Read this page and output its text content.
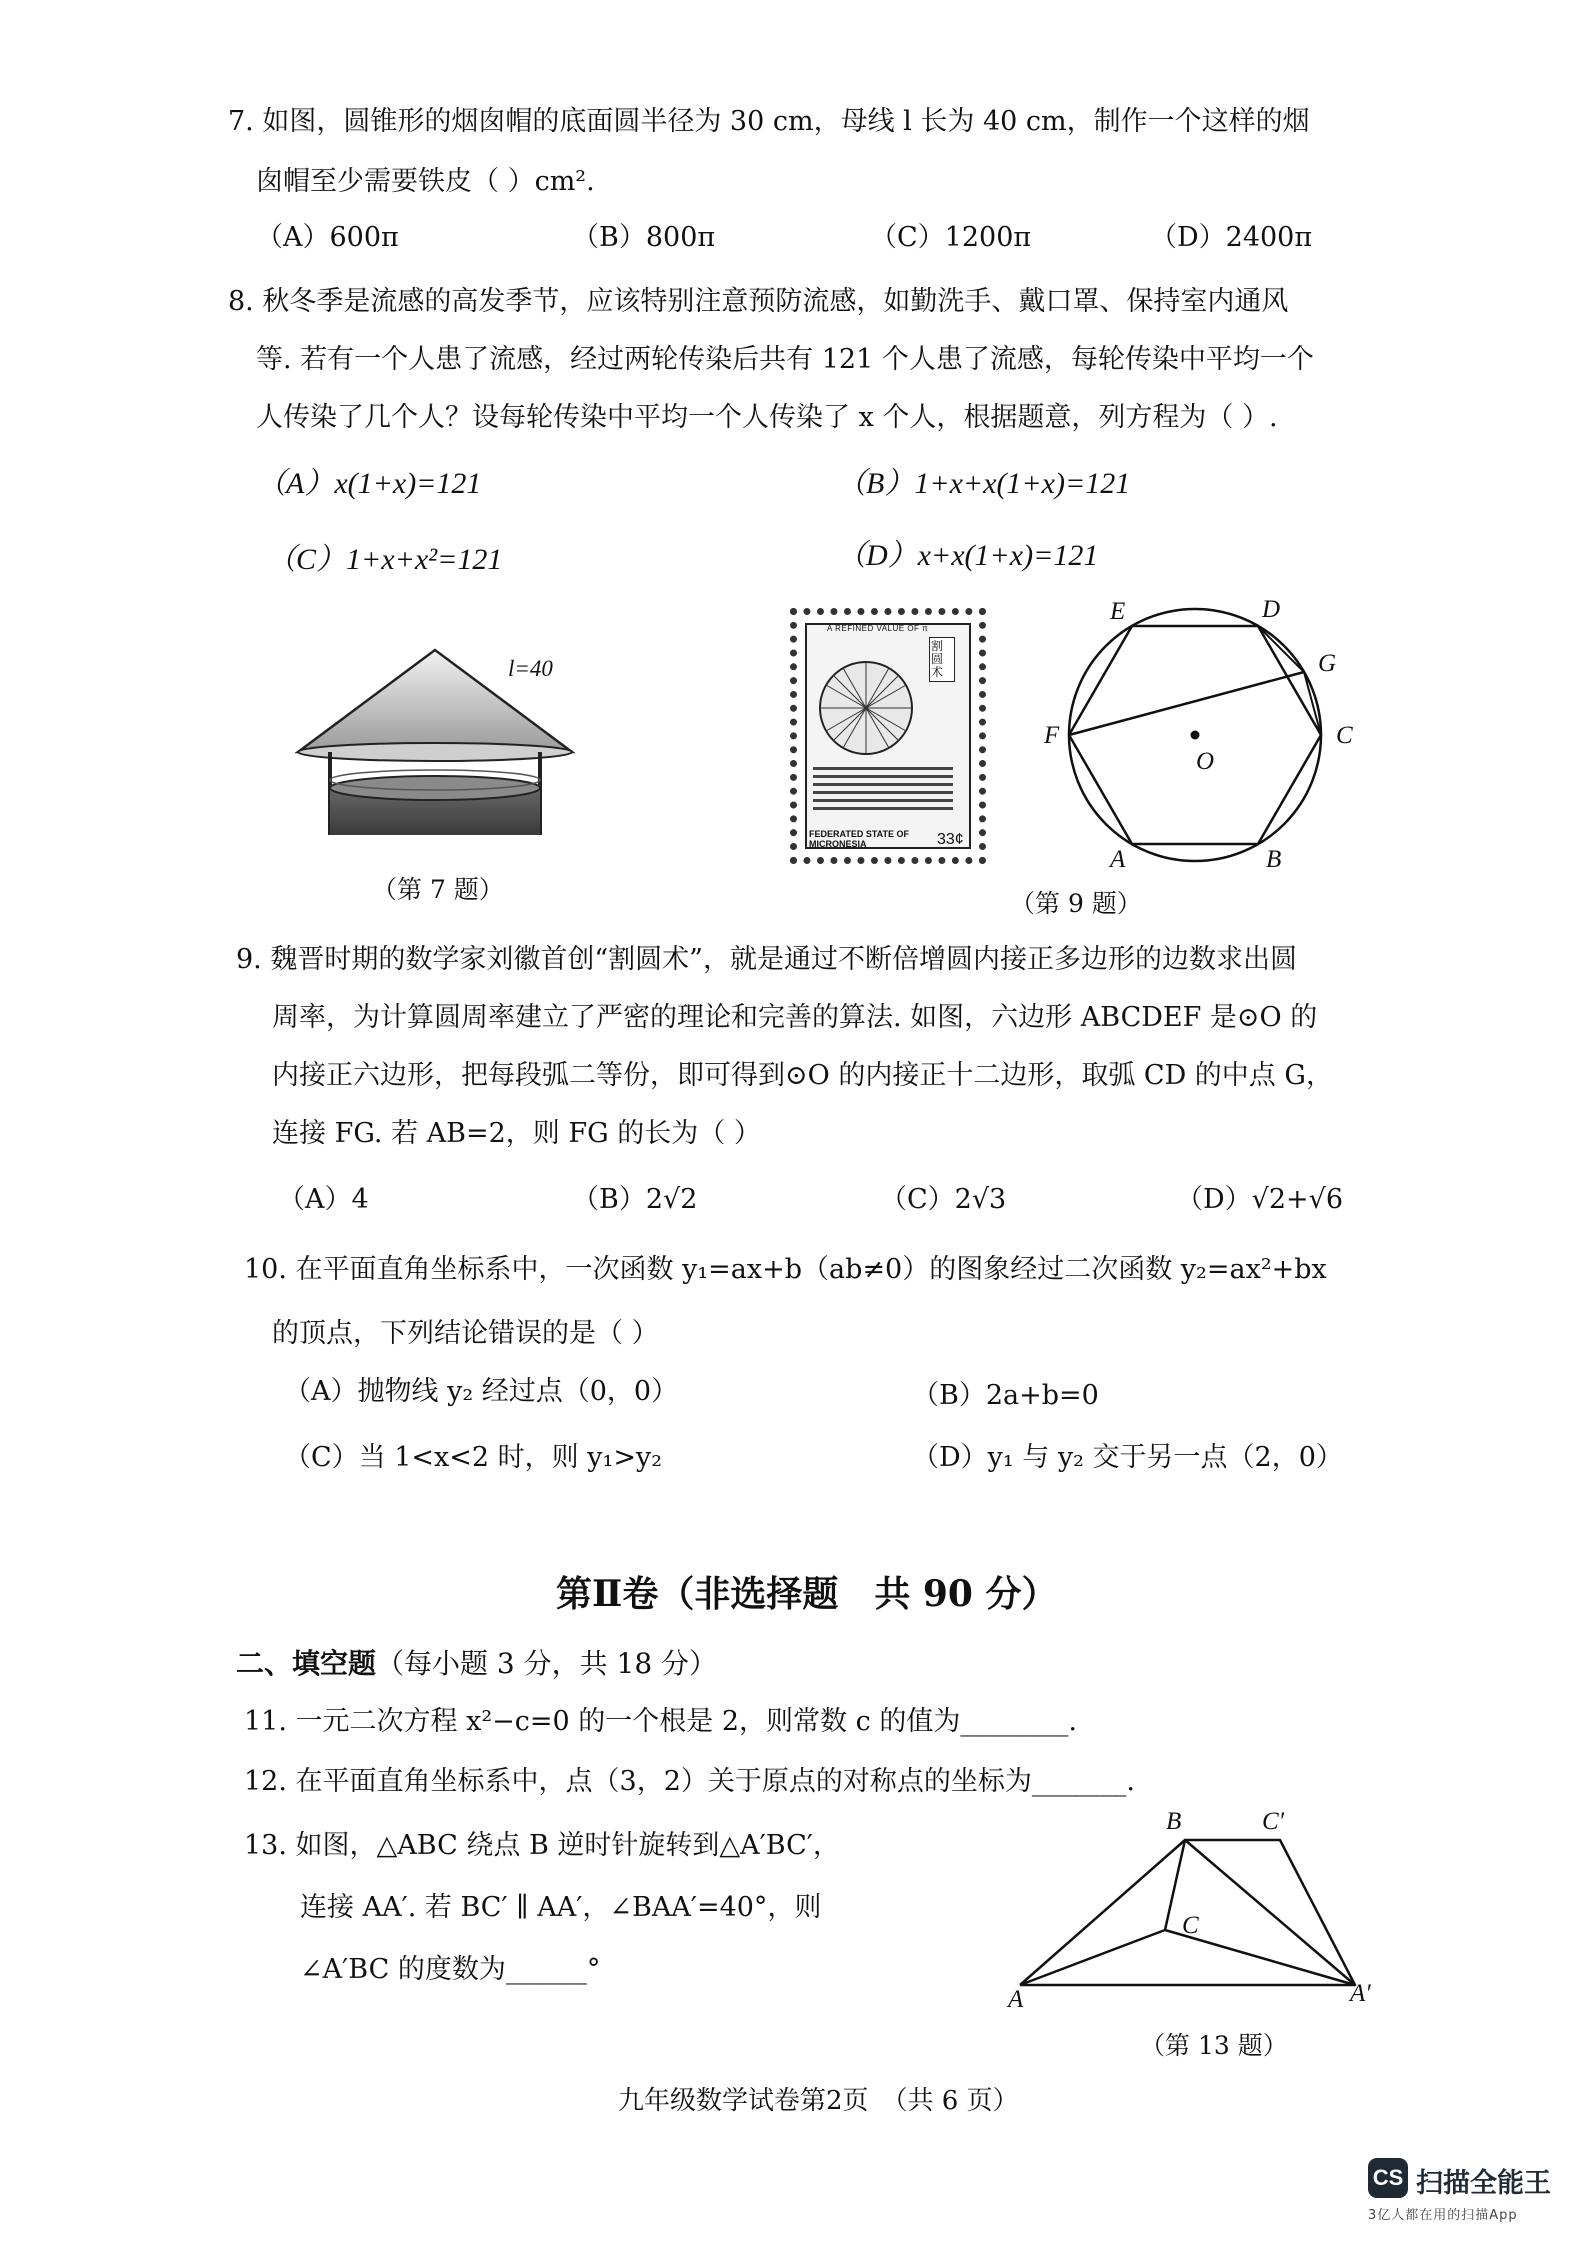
7. 如图，圆锥形的烟囱帽的底面圆半径为 30 cm，母线 l 长为 40 cm，制作一个这样的烟
囱帽至少需要铁皮（ ）cm².
（A）600π	（B）800π	（C）1200π	（D）2400π
8. 秋冬季是流感的高发季节，应该特别注意预防流感，如勤洗手、戴口罩、保持室内通风
等. 若有一个人患了流感，经过两轮传染后共有 121 个人患了流感，每轮传染中平均一个
人传染了几个人？设每轮传染中平均一个人传染了 x 个人，根据题意，列方程为（ ）.
（A）x(1+x)=121	（B）1+x+x(1+x)=121
（C）1+x+x²=121	（D）x+x(1+x)=121
l=40
（第 7 题）
A REFINED VALUE OF π
割圆术
FEDERATED STATE OF MICRONESIA	33¢
E	D
G
F	C
O
A	B
（第 9 题）
9. 魏晋时期的数学家刘徽首创“割圆术”，就是通过不断倍增圆内接正多边形的边数求出圆
周率，为计算圆周率建立了严密的理论和完善的算法. 如图，六边形 ABCDEF 是⊙O 的
内接正六边形，把每段弧二等份，即可得到⊙O 的内接正十二边形，取弧 CD 的中点 G，
连接 FG. 若 AB=2，则 FG 的长为（ ）
（A）4	（B）2√2	（C）2√3	（D）√2+√6
10. 在平面直角坐标系中，一次函数 y₁=ax+b（ab≠0）的图象经过二次函数 y₂=ax²+bx
的顶点，下列结论错误的是（ ）
（A）抛物线 y₂ 经过点（0，0）	（B）2a+b=0
（C）当 1<x<2 时，则 y₁>y₂	（D）y₁ 与 y₂ 交于另一点（2，0）
第Ⅱ卷（非选择题　共 90 分）
二、填空题（每小题 3 分，共 18 分）
11. 一元二次方程 x²−c=0 的一个根是 2，则常数 c 的值为________.
12. 在平面直角坐标系中，点（3，2）关于原点的对称点的坐标为_______.
13. 如图，△ABC 绕点 B 逆时针旋转到△A′BC′，
连接 AA′. 若 BC′ ∥ AA′，∠BAA′=40°，则
∠A′BC 的度数为______°
B	C′
C
A	A′
（第 13 题）
九年级数学试卷第2页　（共 6 页）
CS 扫描全能王
3亿人都在用的扫描App
